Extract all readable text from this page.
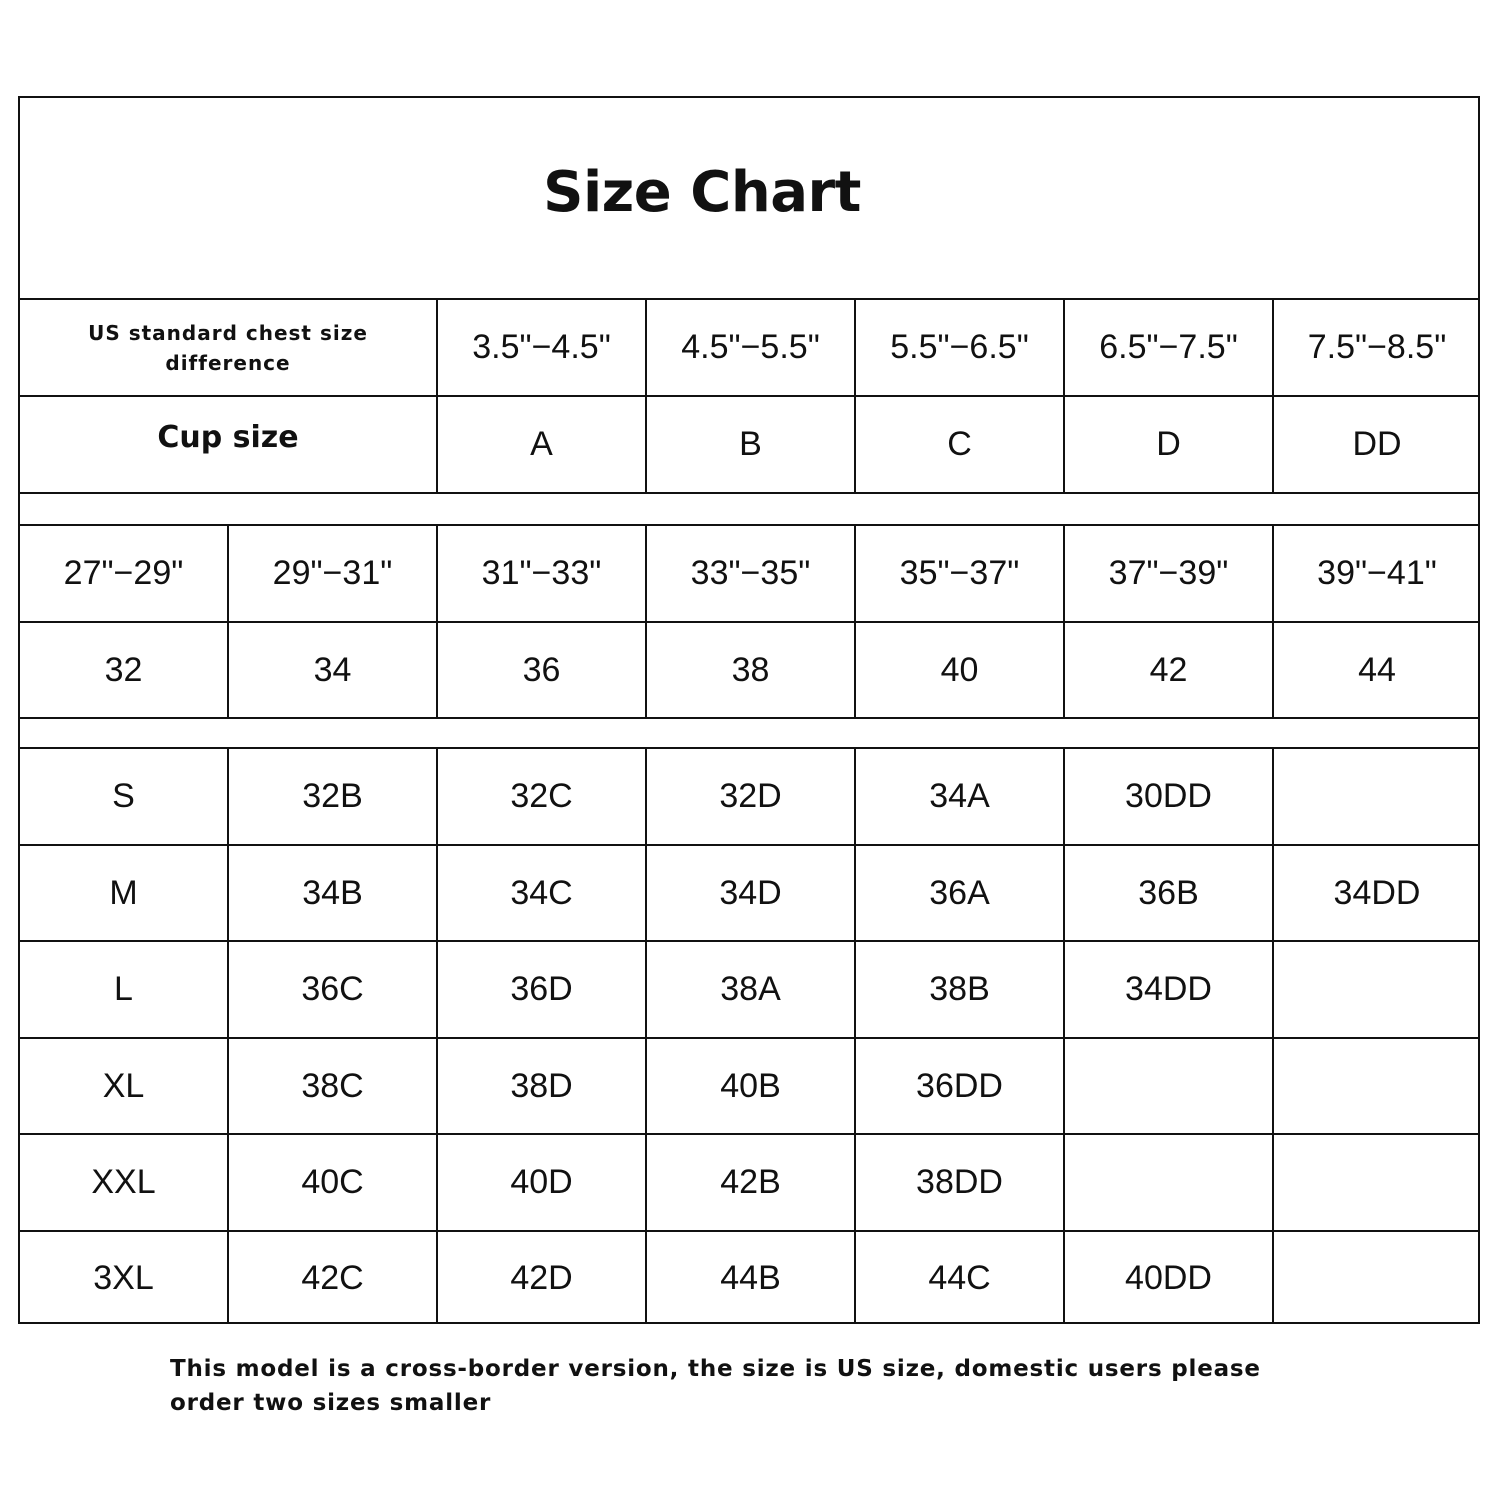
Size Chart
US standard chest size difference	3.5"−4.5"	4.5"−5.5"	5.5"−6.5"	6.5"−7.5"	7.5"−8.5"
Cup size	A	B	C	D	DD
27"−29"	29"−31"	31"−33"	33"−35"	35"−37"	37"−39"	39"−41"
32	34	36	38	40	42	44
S	32B	32C	32D	34A	30DD
M	34B	34C	34D	36A	36B	34DD
L	36C	36D	38A	38B	34DD
XL	38C	38D	40B	36DD
XXL	40C	40D	42B	38DD
3XL	42C	42D	44B	44C	40DD
This model is a cross-border version, the size is US size, domestic users please order two sizes smaller
